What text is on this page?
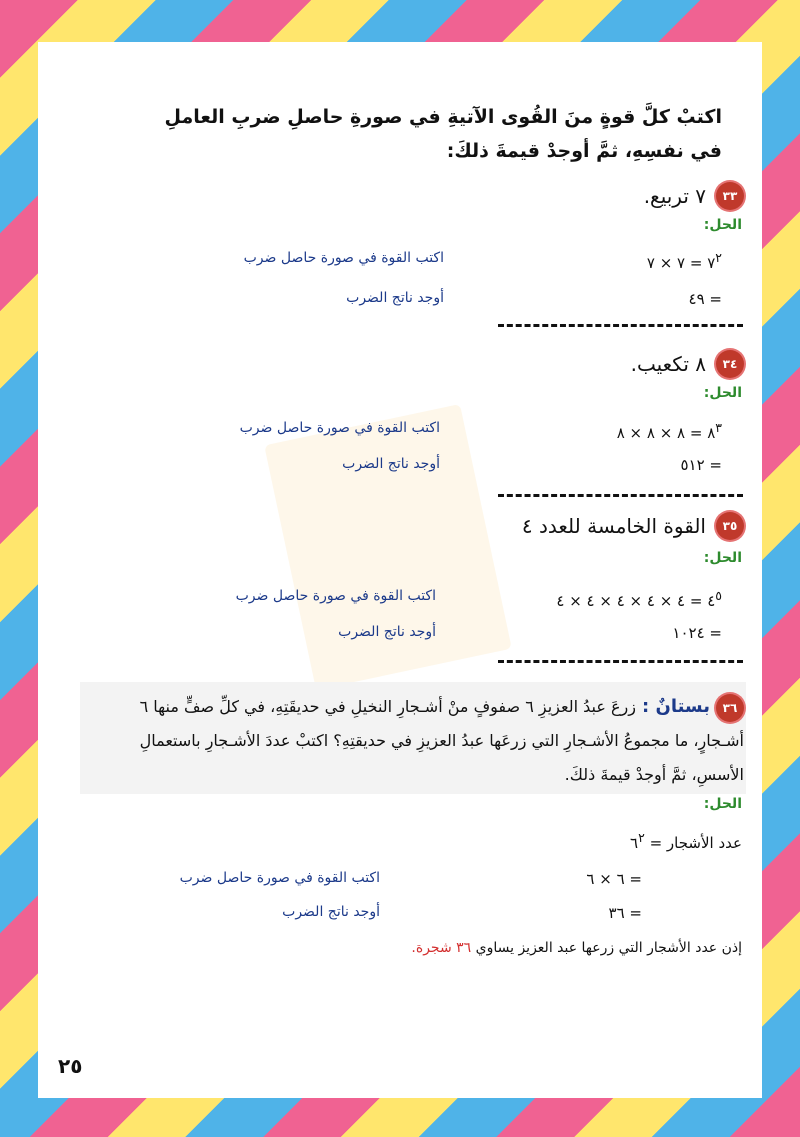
اكتبْ كلَّ قوةٍ منَ القُوى الآتيةِ في صورةِ حاصلِ ضربِ العاملِ في نفسِهِ، ثمَّ أوجدْ قيمةَ ذلكَ:
٣٣
٧ تربيع.
الحل:
$٧^٢$ = ٧ × ٧
اكتب القوة في صورة حاصل ضرب
= ٤٩
أوجد ناتج الضرب
٣٤
٨ تكعيب.
الحل:
$٨^٣$ = ٨ × ٨ × ٨
اكتب القوة في صورة حاصل ضرب
= ٥١٢
أوجد ناتج الضرب
٣٥
القوة الخامسة للعدد ٤
الحل:
$٤^٥$ = ٤ × ٤ × ٤ × ٤ × ٤
اكتب القوة في صورة حاصل ضرب
= ١٠٢٤
أوجد ناتج الضرب
٣٦بستانٌ :زرعَ عبدُ العزيزِ ٦ صفوفٍ منْ أشـجارِ النخيلِ في حديقَتِهِ، في كلِّ صفٍّ منها ٦ أشـجارٍ، ما مجموعُ الأشـجارِ التي زرعَها عبدُ العزيزِ في حديقتِهِ؟ اكتبْ عددَ الأشـجارِ باستعمالِ الأسسِ، ثمَّ أوجدْ قيمةَ ذلكَ.
الحل:
عدد الأشجار = $٦^٢$
= ٦ × ٦
اكتب القوة في صورة حاصل ضرب
= ٣٦
أوجد ناتج الضرب
إذن عدد الأشجار التي زرعها عبد العزيز يساوي ٣٦ شجرة.
٢٥
